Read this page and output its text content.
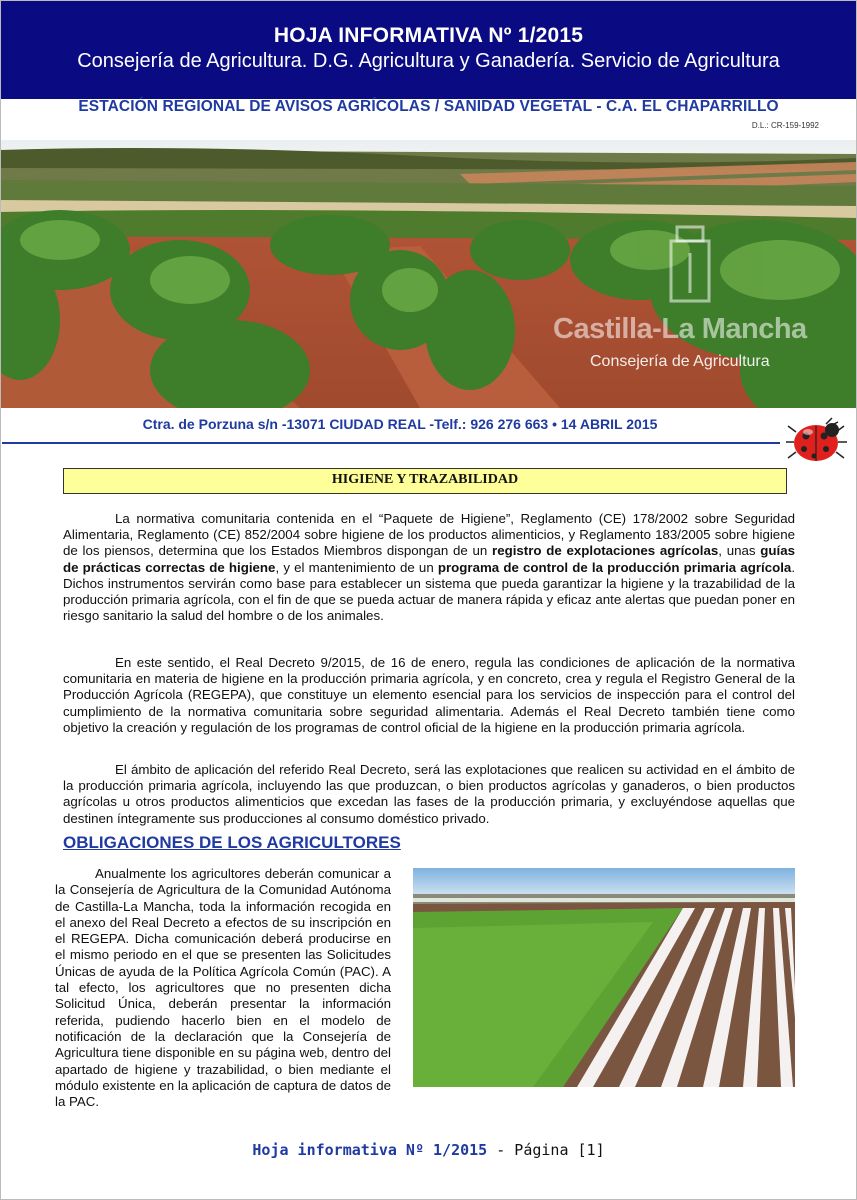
HOJA INFORMATIVA Nº 1/2015
Consejería de Agricultura. D.G. Agricultura y Ganadería. Servicio de Agricultura
ESTACIÓN REGIONAL DE AVISOS AGRÍCOLAS / SANIDAD VEGETAL - C.A. EL CHAPARRILLO
D.L.: CR-159-1992
Castilla-La Mancha
Consejería de Agricultura
Ctra. de Porzuna s/n -13071 CIUDAD REAL -Telf.: 926 276 663 • 14 ABRIL 2015
HIGIENE Y TRAZABILIDAD
La normativa comunitaria contenida en el “Paquete de Higiene”, Reglamento (CE) 178/2002 sobre Seguridad Alimentaria, Reglamento (CE) 852/2004 sobre higiene de los productos alimenticios, y Reglamento 183/2005 sobre higiene de los piensos, determina que los Estados Miembros dispongan de un registro de explotaciones agrícolas, unas guías de prácticas correctas de higiene, y el mantenimiento de un programa de control de la producción primaria agrícola. Dichos instrumentos servirán como base para establecer un sistema que pueda garantizar la higiene y la trazabilidad de la producción primaria agrícola, con el fin de que se pueda actuar de manera rápida y eficaz ante alertas que puedan poner en riesgo sanitario la salud del hombre o de los animales.
En este sentido, el Real Decreto 9/2015, de 16 de enero, regula las condiciones de aplicación de la normativa comunitaria en materia de higiene en la producción primaria agrícola, y en concreto, crea y regula el Registro General de la Producción Agrícola (REGEPA), que constituye un elemento esencial para los servicios de inspección para el control del cumplimiento de la normativa comunitaria sobre seguridad alimentaria. Además el Real Decreto también tiene como objetivo la creación y regulación de los programas de control oficial de la higiene en la producción primaria agrícola.
El ámbito de aplicación del referido Real Decreto, será las explotaciones que realicen su actividad en el ámbito de la producción primaria agrícola, incluyendo las que produzcan, o bien productos agrícolas y ganaderos, o bien productos agrícolas u otros productos alimenticios que excedan las fases de la producción primaria, y excluyéndose aquellas que destinen íntegramente sus producciones al consumo doméstico privado.
OBLIGACIONES DE LOS AGRICULTORES
Anualmente los agricultores deberán comunicar a la Consejería de Agricultura de la Comunidad Autónoma de Castilla-La Mancha, toda la información recogida en el anexo del Real Decreto a efectos de su inscripción en el REGEPA. Dicha comunicación deberá producirse en el mismo periodo en el que se presenten las Solicitudes Únicas de ayuda de la Política Agrícola Común (PAC). A tal efecto, los agricultores que no presenten dicha Solicitud Única, deberán presentar la información referida, pudiendo hacerlo bien en el modelo de notificación de la declaración que la Consejería de Agricultura tiene disponible en su página web, dentro del apartado de higiene y trazabilidad, o bien mediante el módulo existente en la aplicación de captura de datos de la PAC.
Hoja informativa Nº 1/2015 - Página [1]
